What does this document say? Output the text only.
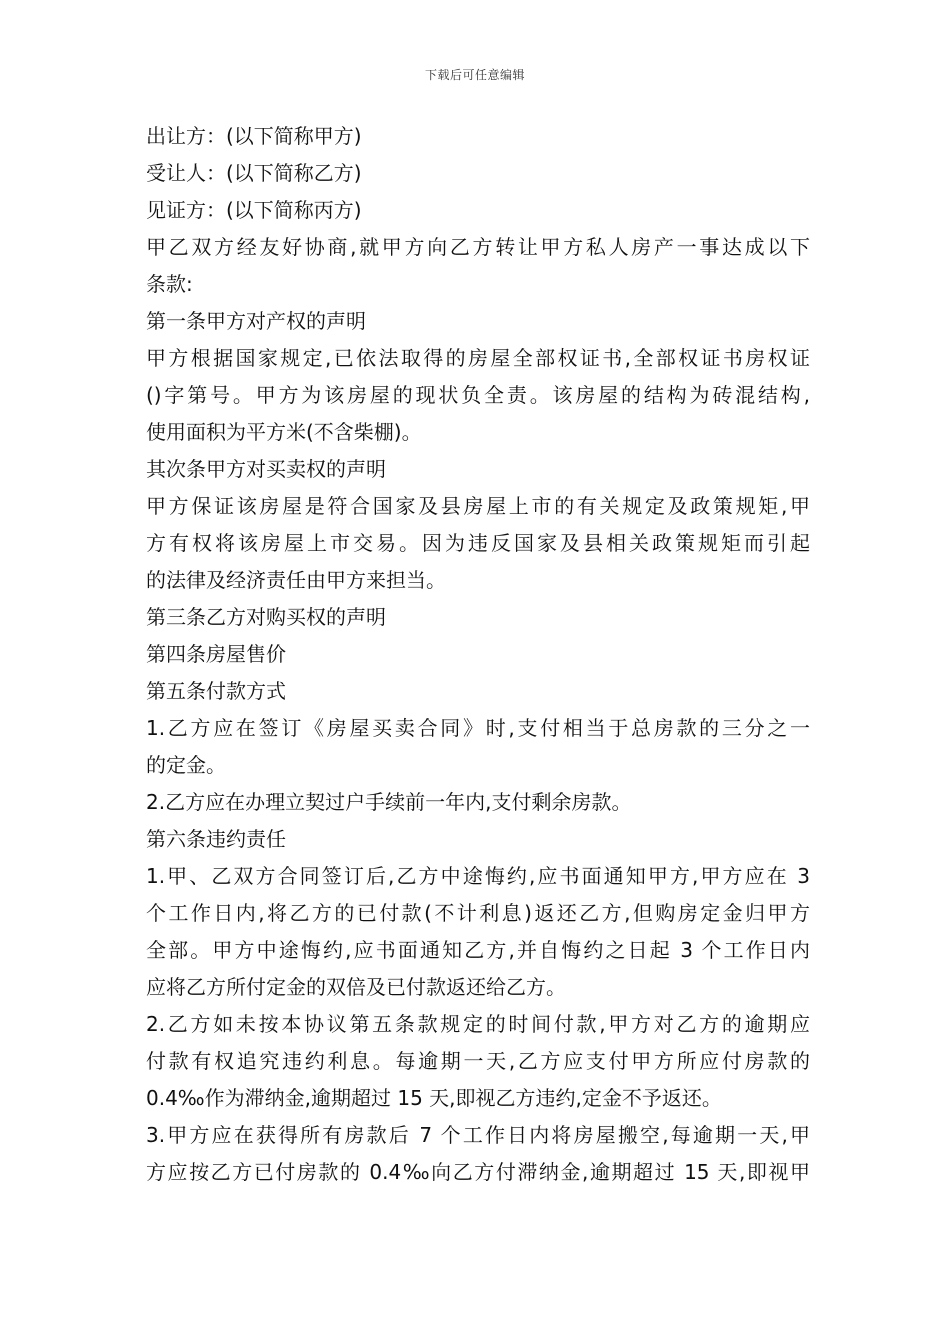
下载后可任意编辑
出让方：(以下简称甲方)
受让人：(以下简称乙方)
见证方：(以下简称丙方)
甲乙双方经友好协商,就甲方向乙方转让甲方私人房产一事达成以下
条款:
第一条甲方对产权的声明
甲方根据国家规定,已依法取得的房屋全部权证书,全部权证书房权证
()字第号。甲方为该房屋的现状负全责。该房屋的结构为砖混结构,
使用面积为平方米(不含柴棚)。
其次条甲方对买卖权的声明
甲方保证该房屋是符合国家及县房屋上市的有关规定及政策规矩,甲
方有权将该房屋上市交易。因为违反国家及县相关政策规矩而引起
的法律及经济责任由甲方来担当。
第三条乙方对购买权的声明
第四条房屋售价
第五条付款方式
1.乙方应在签订《房屋买卖合同》时,支付相当于总房款的三分之一
的定金。
2.乙方应在办理立契过户手续前一年内,支付剩余房款。
第六条违约责任
1.甲、乙双方合同签订后,乙方中途悔约,应书面通知甲方,甲方应在 3
个工作日内,将乙方的已付款(不计利息)返还乙方,但购房定金归甲方
全部。甲方中途悔约,应书面通知乙方,并自悔约之日起 3 个工作日内
应将乙方所付定金的双倍及已付款返还给乙方。
2.乙方如未按本协议第五条款规定的时间付款,甲方对乙方的逾期应
付款有权追究违约利息。每逾期一天,乙方应支付甲方所应付房款的
0.4‰作为滞纳金,逾期超过 15 天,即视乙方违约,定金不予返还。
3.甲方应在获得所有房款后 7 个工作日内将房屋搬空,每逾期一天,甲
方应按乙方已付房款的 0.4‰向乙方付滞纳金,逾期超过 15 天,即视甲
